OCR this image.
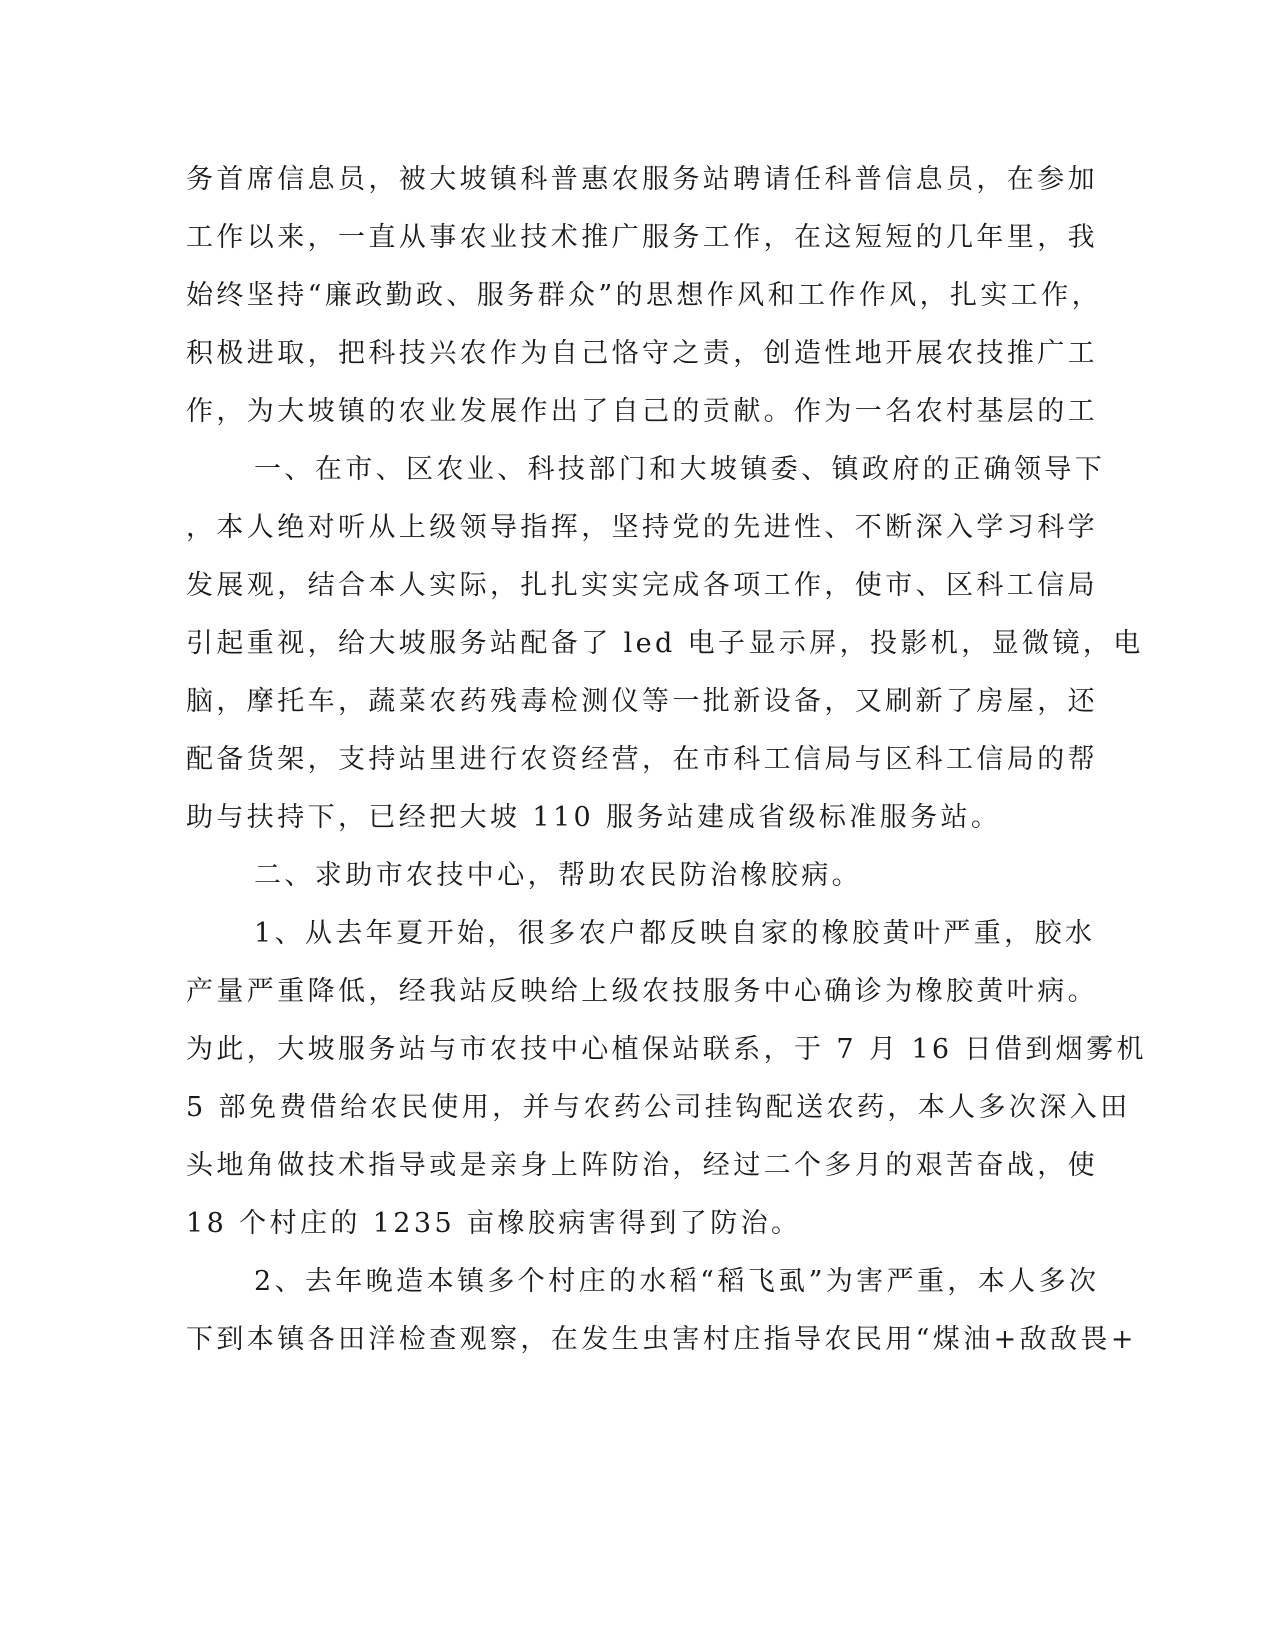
务首席信息员，被大坡镇科普惠农服务站聘请任科普信息员，在参加
工作以来，一直从事农业技术推广服务工作，在这短短的几年里，我
始终坚持“廉政勤政、服务群众”的思想作风和工作作风，扎实工作，
积极进取，把科技兴农作为自己恪守之责，创造性地开展农技推广工
作，为大坡镇的农业发展作出了自己的贡献。作为一名农村基层的工
一、在市、区农业、科技部门和大坡镇委、镇政府的正确领导下
，本人绝对听从上级领导指挥，坚持党的先进性、不断深入学习科学
发展观，结合本人实际，扎扎实实完成各项工作，使市、区科工信局
引起重视，给大坡服务站配备了 led 电子显示屏，投影机，显微镜，电
脑，摩托车，蔬菜农药残毒检测仪等一批新设备，又刷新了房屋，还
配备货架，支持站里进行农资经营，在市科工信局与区科工信局的帮
助与扶持下，已经把大坡 110 服务站建成省级标准服务站。
二、求助市农技中心，帮助农民防治橡胶病。
1、从去年夏开始，很多农户都反映自家的橡胶黄叶严重，胶水
产量严重降低，经我站反映给上级农技服务中心确诊为橡胶黄叶病。
为此，大坡服务站与市农技中心植保站联系，于 7 月 16 日借到烟雾机
5 部免费借给农民使用，并与农药公司挂钩配送农药，本人多次深入田
头地角做技术指导或是亲身上阵防治，经过二个多月的艰苦奋战，使
18 个村庄的 1235 亩橡胶病害得到了防治。
2、去年晚造本镇多个村庄的水稻“稻飞虱”为害严重，本人多次
下到本镇各田洋检查观察，在发生虫害村庄指导农民用“煤油+敌敌畏+
